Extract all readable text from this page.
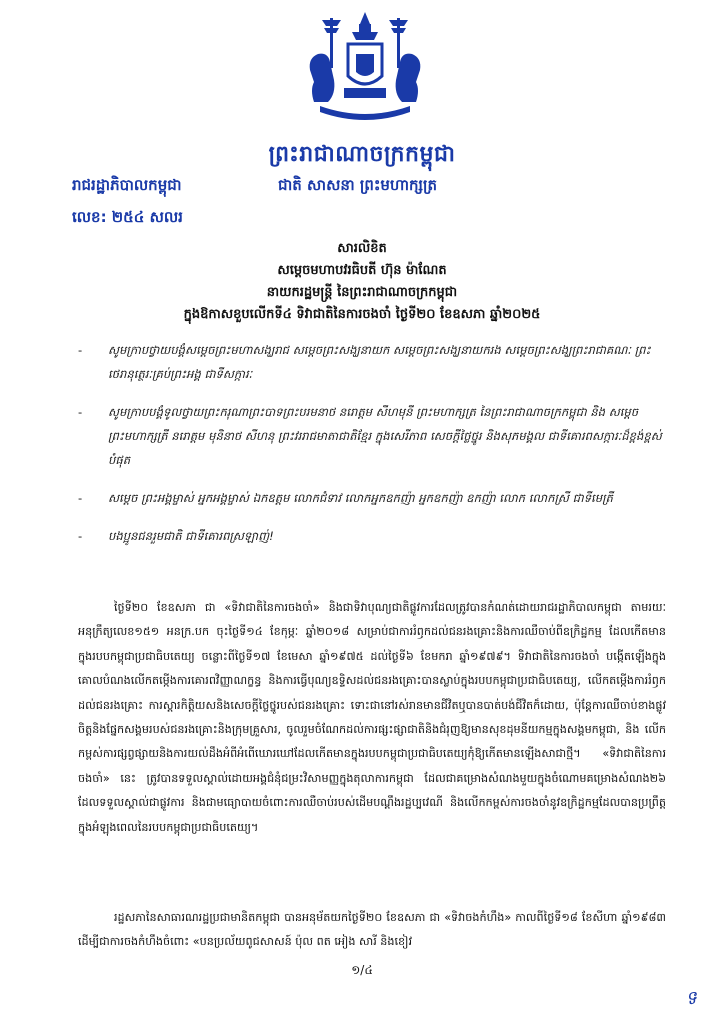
ព្រះរាជាណាចក្រកម្ពុជា
រាជរដ្ឋាភិបាលកម្ពុជា	ជាតិ សាសនា ព្រះមហាក្សត្រ
លេខ: ២៥៤ សលរ
សារលិខិត
សម្តេចមហាបវរធិបតី ហ៊ុន ម៉ាណែត
នាយករដ្ឋមន្ត្រី នៃព្រះរាជាណាចក្រកម្ពុជា
ក្នុងឱកាសខួបលើកទី៤ ទិវាជាតិនៃការចងចាំ ថ្ងៃទី២០ ខែឧសភា ឆ្នាំ២០២៥
- សូមក្រាបថ្វាយបង្គំសម្តេចព្រះមហាសង្ឃរាជ សម្តេចព្រះសង្ឃនាយក សម្តេចព្រះសង្ឃនាយករង សម្តេចព្រះសង្ឃព្រះរាជាគណៈ ព្រះថេរានុត្ថេរៈគ្រប់ព្រះអង្គ ជាទីសក្ការៈ
- សូមក្រាបបង្គំទូលថ្វាយព្រះករុណាព្រះបាទព្រះបរមនាថ នរោត្តម សីហមុនី ព្រះមហាក្សត្រ នៃព្រះរាជាណាចក្រកម្ពុជា និង សម្តេចព្រះមហាក្សត្រី នរោត្តម មុនិនាថ សីហនុ ព្រះវររាជមាតាជាតិខ្មែរ ក្នុងសេរីភាព សេចក្តីថ្លៃថ្នូរ និងសុភមង្គល ជាទីគោរពសក្ការៈដ៏ខ្ពង់ខ្ពស់បំផុត
- សម្តេច ព្រះអង្គម្ចាស់ អ្នកអង្គម្ចាស់ ឯកឧត្តម លោកជំទាវ លោកអ្នកឧកញ៉ា អ្នកឧកញ៉ា ឧកញ៉ា លោក លោកស្រី ជាទីមេត្រី
- បងប្អូនជនរួមជាតិ ជាទីគោរពស្រឡាញ់!

ថ្ងៃទី២០ ខែឧសភា ជា «ទិវាជាតិនៃការចងចាំ» និងជាទិវាបុណ្យជាតិផ្លូវការដែលត្រូវបានកំណត់ដោយរាជរដ្ឋាភិបាលកម្ពុជា តាមរយៈអនុក្រឹត្យលេខ១៥១ អនក្រ.បក ចុះថ្ងៃទី១៤ ខែកុម្ភៈ ឆ្នាំ២០១៨ សម្រាប់ជាការរំឭកដល់ជនរងគ្រោះនិងការឈឺចាប់ពីឧក្រិដ្ឋកម្ម ដែលកើតមានក្នុងរបបកម្ពុជាប្រជាធិបតេយ្យ ចន្លោះពីថ្ងៃទី១៧ ខែមេសា ឆ្នាំ១៩៧៥ ដល់ថ្ងៃទី៦ ខែមករា ឆ្នាំ១៩៧៩។ ទិវាជាតិនៃការចងចាំ បង្កើតឡើងក្នុងគោលបំណងលើកតម្កើងការគោរពវិញ្ញាណក្ខន្ធ និងការធ្វើបុណ្យឧទ្ទិសដល់ជនរងគ្រោះបានស្លាប់ក្នុងរបបកម្ពុជាប្រជាធិបតេយ្យ, លើកតម្កើងការរំឭកដល់ជនរងគ្រោះ ការស្តារកិត្តិយសនិងសេចក្តីថ្លៃថ្នូរបស់ជនរងគ្រោះ ទោះជានៅរស់រានមានជីវិតឬបានបាត់បង់ជីវិតក៏ដោយ, ប៉ុន្តែការឈឺចាប់ខាងផ្លូវចិត្តនិងផ្នែកសង្គមរបស់ជនរងគ្រោះនិងក្រុមគ្រួសារ, ចូលរួមចំណែកដល់ការផ្សះផ្សាជាតិនិងជំរុញឱ្យមានសុខដុមនីយកម្មក្នុងសង្គមកម្ពុជា, និង លើកកម្ពស់ការផ្សព្វផ្សាយនិងការយល់ដឹងអំពីអំពើឃោរឃៅដែលកើតមានក្នុងរបបកម្ពុជាប្រជាធិបតេយ្យកុំឱ្យកើតមានឡើងសាជាថ្មី។ «ទិវាជាតិនៃការចងចាំ» នេះ ត្រូវបានទទួលស្គាល់ដោយអង្គជំនុំជម្រះវិសាមញ្ញក្នុងតុលាការកម្ពុជា ដែលជាគម្រោងសំណងមួយក្នុងចំណោមគម្រោងសំណង២៦ ដែលទទួលស្គាល់ជាផ្លូវការ និងជាមធ្យោបាយចំពោះការឈឺចាប់របស់ដើមបណ្តឹងរដ្ឋប្បវេណី និងលើកកម្ពស់ការចងចាំនូវឧក្រិដ្ឋកម្មដែលបានប្រព្រឹត្តក្នុងអំឡុងពេលនៃរបបកម្ពុជាប្រជាធិបតេយ្យ។

រដ្ឋសភានៃសាធារណរដ្ឋប្រជាមានិតកម្ពុជា បានអនុម័តយកថ្ងៃទី២០ ខែឧសភា ជា «ទិវាចងកំហឹង» កាលពីថ្ងៃទី១៨ ខែសីហា ឆ្នាំ១៩៨៣ ដើម្បីជាការចងកំហឹងចំពោះ «បនប្រល័យពូជសាសន៍ ប៉ុល ពត អៀង សារី និងខៀវ

១/៤
ទ
